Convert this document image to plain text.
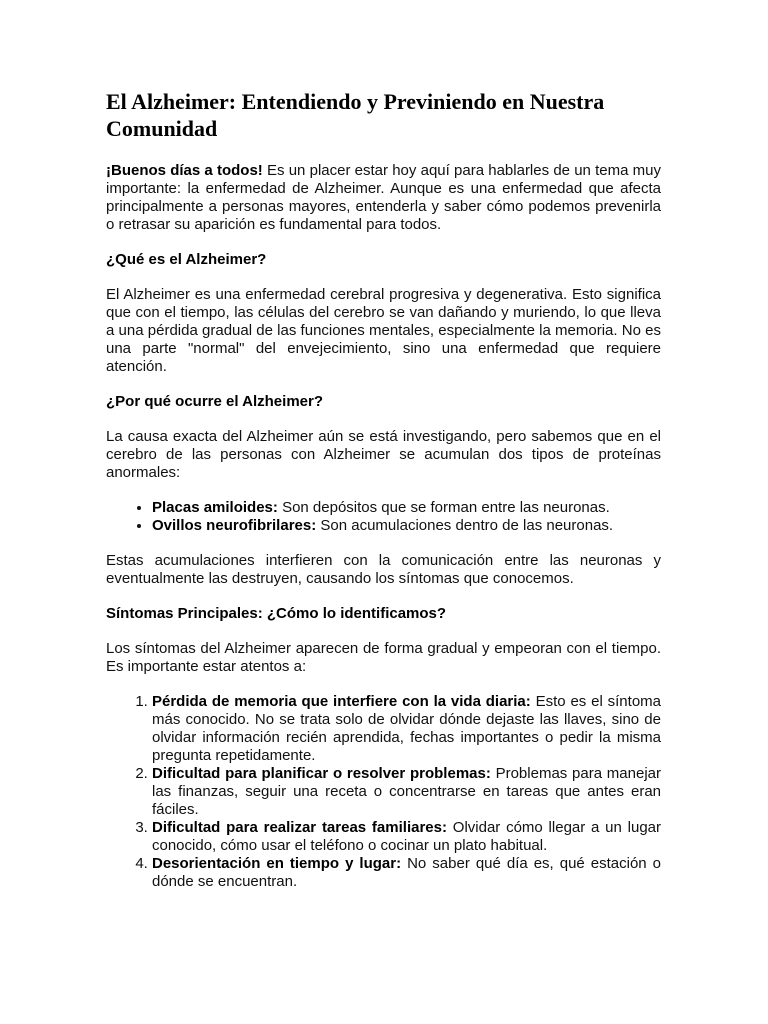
El Alzheimer: Entendiendo y Previniendo en Nuestra Comunidad

¡Buenos días a todos! Es un placer estar hoy aquí para hablarles de un tema muy importante: la enfermedad de Alzheimer. Aunque es una enfermedad que afecta principalmente a personas mayores, entenderla y saber cómo podemos prevenirla o retrasar su aparición es fundamental para todos.

¿Qué es el Alzheimer?

El Alzheimer es una enfermedad cerebral progresiva y degenerativa. Esto significa que con el tiempo, las células del cerebro se van dañando y muriendo, lo que lleva a una pérdida gradual de las funciones mentales, especialmente la memoria. No es una parte "normal" del envejecimiento, sino una enfermedad que requiere atención.

¿Por qué ocurre el Alzheimer?

La causa exacta del Alzheimer aún se está investigando, pero sabemos que en el cerebro de las personas con Alzheimer se acumulan dos tipos de proteínas anormales:

• Placas amiloides: Son depósitos que se forman entre las neuronas.
• Ovillos neurofibrilares: Son acumulaciones dentro de las neuronas.

Estas acumulaciones interfieren con la comunicación entre las neuronas y eventualmente las destruyen, causando los síntomas que conocemos.

Síntomas Principales: ¿Cómo lo identificamos?

Los síntomas del Alzheimer aparecen de forma gradual y empeoran con el tiempo. Es importante estar atentos a:

1. Pérdida de memoria que interfiere con la vida diaria: Esto es el síntoma más conocido. No se trata solo de olvidar dónde dejaste las llaves, sino de olvidar información recién aprendida, fechas importantes o pedir la misma pregunta repetidamente.
2. Dificultad para planificar o resolver problemas: Problemas para manejar las finanzas, seguir una receta o concentrarse en tareas que antes eran fáciles.
3. Dificultad para realizar tareas familiares: Olvidar cómo llegar a un lugar conocido, cómo usar el teléfono o cocinar un plato habitual.
4. Desorientación en tiempo y lugar: No saber qué día es, qué estación o dónde se encuentran.
